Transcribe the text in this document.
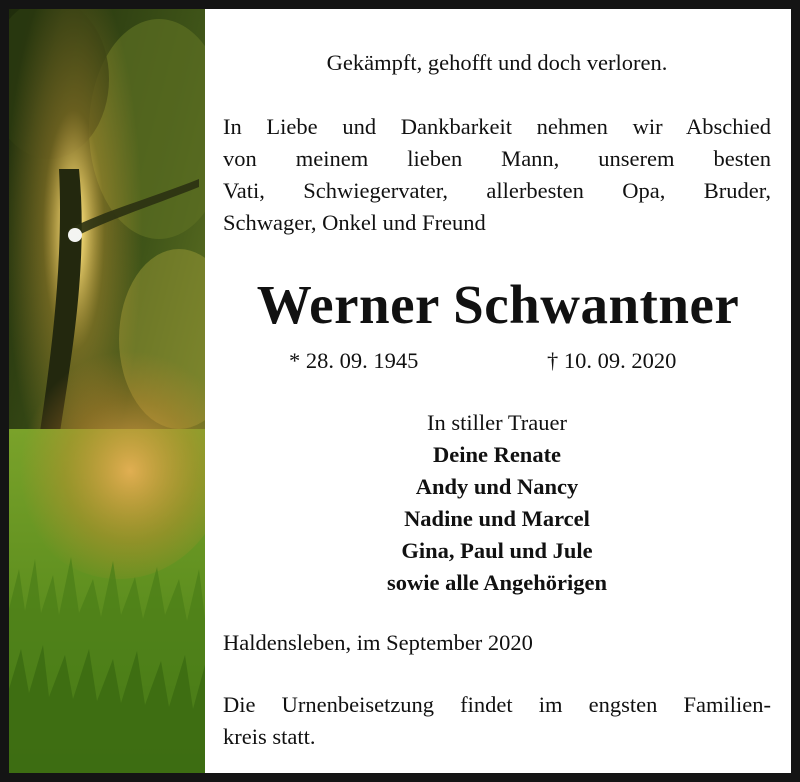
Gekämpft, gehofft und doch verloren.
In Liebe und Dankbarkeit nehmen wir Abschied
von meinem lieben Mann, unserem besten
Vati, Schwiegervater, allerbesten Opa, Bruder,
Schwager, Onkel und Freund
Werner Schwantner
* 28. 09. 1945	† 10. 09. 2020
In stiller Trauer
Deine Renate
Andy und Nancy
Nadine und Marcel
Gina, Paul und Jule
sowie alle Angehörigen
Haldensleben, im September 2020
Die Urnenbeisetzung findet im engsten Familien-
kreis statt.
